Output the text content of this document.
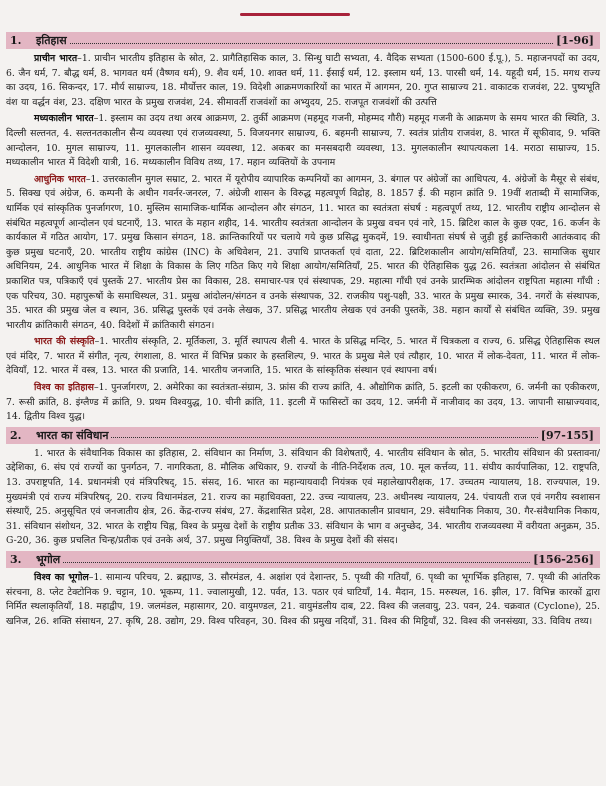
1.	इतिहास	[1-96]

प्राचीन भारत–1. प्राचीन भारतीय इतिहास के स्रोत, 2. प्रागैतिहासिक काल, 3. सिन्धु घाटी सभ्यता, 4. वैदिक सभ्यता (1500-600 ई.पू.), 5. महाजनपदों का उदय, 6. जैन धर्म, 7. बौद्ध धर्म, 8. भागवत धर्म (वैष्णव धर्म), 9. शैव धर्म, 10. शाक्त धर्म, 11. ईसाई धर्म, 12. इस्लाम धर्म, 13. पारसी धर्म, 14. यहूदी धर्म, 15. मगध राज्य का उदय, 16. सिकन्दर, 17. मौर्य साम्राज्य, 18. मौर्योत्तर काल, 19. विदेशी आक्रमणकारियों का भारत में आगमन, 20. गुप्त साम्राज्य 21. वाकाटक राजवंश, 22. पुष्यभूति वंश या वर्द्धन वंश, 23. दक्षिण भारत के प्रमुख राजवंश, 24. सीमावर्ती राजवंशों का अभ्युदय, 25. राजपूत राजवंशों की उत्पत्ति

मध्यकालीन भारत–1. इस्लाम का उदय तथा अरब आक्रमण, 2. तुर्की आक्रमण (महमूद गजनी, मोहम्मद गौरी) महमूद गजनी के आक्रमण के समय भारत की स्थिति, 3. दिल्ली सल्तनत, 4. सल्तनतकालीन सैन्य व्यवस्था एवं राजव्यवस्था, 5. विजयनगर साम्राज्य, 6. बहमनी साम्राज्य, 7. स्वतंत्र प्रांतीय राजवंश, 8. भारत में सूफीवाद, 9. भक्ति आन्दोलन, 10. मुगल साम्राज्य, 11. मुगलकालीन शासन व्यवस्था, 12. अकबर का मनसबदारी व्यवस्था, 13. मुगलकालीन स्थापत्यकला 14. मराठा साम्राज्य, 15. मध्यकालीन भारत में विदेशी यात्री, 16. मध्यकालीन विविध तथ्य, 17. महान व्यक्तियों के उपनाम

आधुनिक भारत–1. उत्तरकालीन मुगल सम्राट, 2. भारत में यूरोपीय व्यापारिक कम्पनियों का आगमन, 3. बंगाल पर अंग्रेजों का आधिपत्य, 4. अंग्रेजों के मैसूर से संबंध, 5. सिक्ख एवं अंग्रेज, 6. कम्पनी के अधीन गवर्नर-जनरल, 7. अंग्रेजी शासन के विरुद्ध महत्वपूर्ण विद्रोह, 8. 1857 ई. की महान क्रांति 9. 19वीं शताब्दी में सामाजिक, धार्मिक एवं सांस्कृतिक पुनर्जागरण, 10. मुस्लिम सामाजिक-धार्मिक आन्दोलन और संगठन, 11. भारत का स्वतंत्रता संघर्ष : महत्वपूर्ण तथ्य, 12. भारतीय राष्ट्रीय आन्दोलन से संबंधित महत्वपूर्ण आन्दोलन एवं घटनाएँ, 13. भारत के महान शहीद, 14. भारतीय स्वतंत्रता आन्दोलन के प्रमुख वचन एवं नारे, 15. ब्रिटिश काल के कुछ एक्ट, 16. कर्जन के कार्यकाल में गठित आयोग, 17. प्रमुख किसान संगठन, 18. क्रान्तिकारियों पर चलाये गये कुछ प्रसिद्ध मुकदमें, 19. स्वाधीनता संघर्ष से जुड़ी हुई क्रान्तिकारी आतंकवाद की कुछ प्रमुख घटनाएँ, 20. भारतीय राष्ट्रीय कांग्रेस (INC) के अधिवेशन, 21. उपाधि प्राप्तकर्ता एवं दाता, 22. ब्रिटिशकालीन आयोग/समितियाँ, 23. सामाजिक सुधार अधिनियम, 24. आधुनिक भारत में शिक्षा के विकास के लिए गठित किए गये शिक्षा आयोग/समितियाँ, 25. भारत की ऐतिहासिक युद्ध 26. स्वतंत्रता आंदोलन से संबंधित प्रकाशित पत्र, पत्रिकाएँ एवं पुस्तकें 27. भारतीय प्रेस का विकास, 28. समाचार-पत्र एवं संस्थापक, 29. महात्मा गाँधी एवं उनके प्रारम्भिक आंदोलन राष्ट्रपिता महात्मा गाँधी : एक परिचय, 30. महापुरूषों के समाधिस्थल, 31. प्रमुख आंदोलन/संगठन व उनके संस्थापक, 32. राजकीय पशु-पक्षी, 33. भारत के प्रमुख स्मारक, 34. नगरों के संस्थापक, 35. भारत की प्रमुख जेल व स्थान, 36. प्रसिद्ध पुस्तकें एवं उनके लेखक, 37. प्रसिद्ध भारतीय लेखक एवं उनकी पुस्तकें, 38. महान कार्यों से संबंधित व्यक्ति, 39. प्रमुख भारतीय क्रांतिकारी संगठन, 40. विदेशों में क्रांतिकारी संगठन।

भारत की संस्कृति–1. भारतीय संस्कृति, 2. मूर्तिकला, 3. मूर्ति स्थापत्य शैली 4. भारत के प्रसिद्ध मन्दिर, 5. भारत में चित्रकला व राज्य, 6. प्रसिद्ध ऐतिहासिक स्थल एवं मंदिर, 7. भारत में संगीत, नृत्य, रंगशाला, 8. भारत में विभिन्न प्रकार के हस्तशिल्प, 9. भारत के प्रमुख मेले एवं त्यौहार, 10. भारत में लोक-देवता, 11. भारत में लोक-देवियाँ, 12. भारत में वस्त्र, 13. भारत की प्रजाति, 14. भारतीय जनजाति, 15. भारत के सांस्कृतिक संस्थान एवं स्थापना वर्ष।

विश्व का इतिहास–1. पुनर्जागरण, 2. अमेरिका का स्वतंत्रता-संग्राम, 3. फ्रांस की राज्य क्रांति, 4. औद्योगिक क्रांति, 5. इटली का एकीकरण, 6. जर्मनी का एकीकरण, 7. रूसी क्रांति, 8. इंग्लैण्ड में क्रांति, 9. प्रथम विश्वयुद्ध, 10. चीनी क्रांति, 11. इटली में फासिस्टों का उदय, 12. जर्मनी में नाजीवाद का उदय, 13. जापानी साम्राज्यवाद, 14. द्वितीय विश्व युद्ध।

2.	भारत का संविधान	[97-155]

1. भारत के संवैधानिक विकास का इतिहास, 2. संविधान का निर्माण, 3. संविधान की विशेषताएँ, 4. भारतीय संविधान के स्रोत, 5. भारतीय संविधान की प्रस्तावना/उद्देशिका, 6. संघ एवं राज्यों का पुनर्गठन, 7. नागरिकता, 8. मौलिक अधिकार, 9. राज्यों के नीति-निर्देशक तत्व, 10. मूल कर्त्तव्य, 11. संघीय कार्यपालिका, 12. राष्ट्रपति, 13. उपराष्ट्रपति, 14. प्रधानमंत्री एवं मंत्रिपरिषद्, 15. संसद, 16. भारत का महान्यायवादी नियंत्रक एवं महालेखापरीक्षक, 17. उच्चतम न्यायालय, 18. राज्यपाल, 19. मुख्यमंत्री एवं राज्य मंत्रिपरिषद्, 20. राज्य विधानमंडल, 21. राज्य का महाधिवक्ता, 22. उच्च न्यायालय, 23. अधीनस्थ न्यायालय, 24. पंचायती राज एवं नगरीय स्वशासन संस्थाएँ, 25. अनुसूचित एवं जनजातीय क्षेत्र, 26. केंद्र-राज्य संबंध, 27. केंद्रशासित प्रदेश, 28. आपातकालीन प्रावधान, 29. संवैधानिक निकाय, 30. गैर-संवैधानिक निकाय, 31. संविधान संशोधन, 32. भारत के राष्ट्रीय चिह्न, विश्व के प्रमुख देशों के राष्ट्रीय प्रतीक 33. संविधान के भाग व अनुच्छेद, 34. भारतीय राजव्यवस्था में वरीयता अनुक्रम, 35. G-20, 36. कुछ प्रचलित चिन्ह/प्रतीक एवं उनके अर्थ, 37. प्रमुख नियुक्तियाँ, 38. विश्व के प्रमुख देशों की संसद।

3.	भूगोल	[156-256]

विश्व का भूगोल–1. सामान्य परिचय, 2. ब्रह्माण्ड, 3. सौरमंडल, 4. अक्षांश एवं देशान्तर, 5. पृथ्वी की गतियाँ, 6. पृथ्वी का भूगर्भिक इतिहास, 7. पृथ्वी की आंतरिक संरचना, 8. प्लेट टेक्टोनिक 9. चट्टान, 10. भूकम्प, 11. ज्वालामुखी, 12. पर्वत, 13. पठार एवं घाटियाँ, 14. मैदान, 15. मरुस्थल, 16. झील, 17. विभिन्न कारकों द्वारा निर्मित स्थलाकृतियाँ, 18. महाद्वीप, 19. जलमंडल, महासागर, 20. वायुमण्डल, 21. वायुमंडलीय दाब, 22. विश्व की जलवायु, 23. पवन, 24. चक्रवात (Cyclone), 25. खनिज, 26. शक्ति संसाधन, 27. कृषि, 28. उद्योग, 29. विश्व परिवहन, 30. विश्व की प्रमुख नदियाँ, 31. विश्व की मिट्टियाँ, 32. विश्व की जनसंख्या, 33. विविध तथ्य।
